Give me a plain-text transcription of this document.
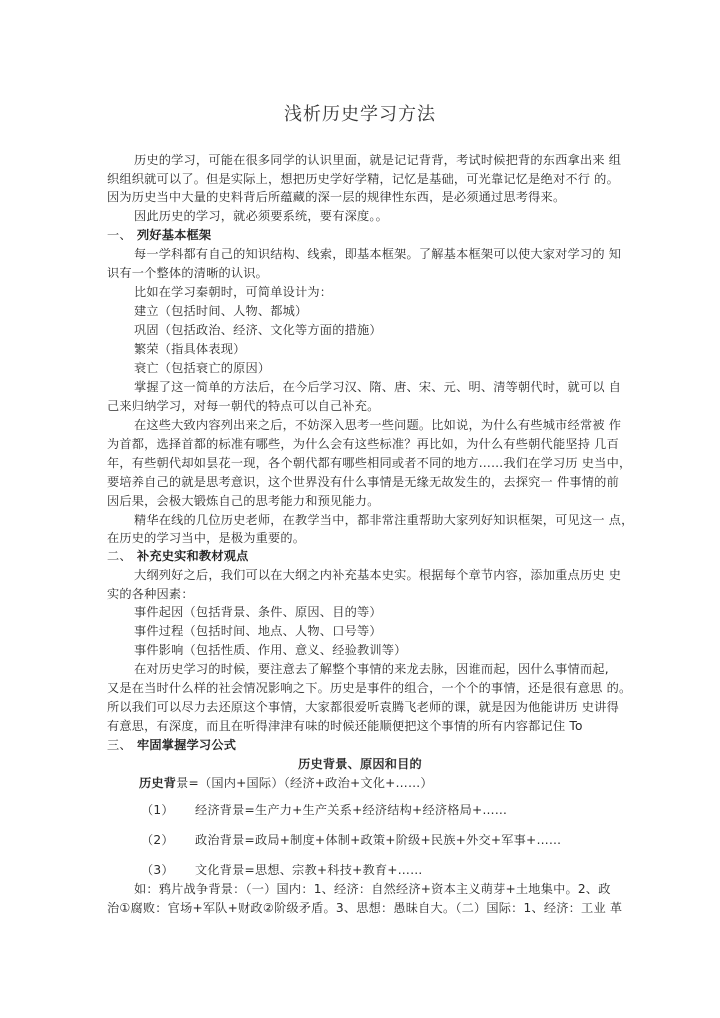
浅析历史学习方法
历史的学习，可能在很多同学的认识里面，就是记记背背，考试时候把背的东西拿出来 组
织组织就可以了。但是实际上，想把历史学好学精，记忆是基础，可光靠记忆是绝对不行 的。
因为历史当中大量的史料背后所蕴藏的深一层的规律性东西，是必须通过思考得来。
因此历史的学习，就必须要系统，要有深度。。
一、 列好基本框架
每一学科都有自己的知识结构、线索，即基本框架。了解基本框架可以使大家对学习的 知
识有一个整体的清晰的认识。
比如在学习秦朝时，可简单设计为：
建立（包括时间、人物、都城）
巩固（包括政治、经济、文化等方面的措施）
繁荣（指具体表现）
衰亡（包括衰亡的原因）
掌握了这一简单的方法后，在今后学习汉、隋、唐、宋、元、明、清等朝代时，就可以 自
己来归纳学习，对每一朝代的特点可以自己补充。
在这些大致内容列出来之后，不妨深入思考一些问题。比如说，为什么有些城市经常被 作
为首都，选择首都的标准有哪些，为什么会有这些标准？再比如，为什么有些朝代能坚持 几百
年，有些朝代却如昙花一现，各个朝代都有哪些相同或者不同的地方……我们在学习历 史当中，
要培养自己的就是思考意识，这个世界没有什么事情是无缘无故发生的，去探究一 件事情的前
因后果，会极大锻炼自己的思考能力和预见能力。
精华在线的几位历史老师，在教学当中，都非常注重帮助大家列好知识框架，可见这一 点，
在历史的学习当中，是极为重要的。
二、 补充史实和教材观点
大纲列好之后，我们可以在大纲之内补充基本史实。根据每个章节内容，添加重点历史 史
实的各种因素：
事件起因（包括背景、条件、原因、目的等）
事件过程（包括时间、地点、人物、口号等）
事件影响（包括性质、作用、意义、经验教训等）
在对历史学习的时候，要注意去了解整个事情的来龙去脉，因谁而起，因什么事情而起,
又是在当时什么样的社会情况影响之下。历史是事件的组合，一个个的事情，还是很有意思 的。
所以我们可以尽力去还原这个事情，大家都很爱听袁腾飞老师的课，就是因为他能讲历 史讲得
有意思，有深度，而且在听得津津有味的时候还能顺便把这个事情的所有内容都记住 To
三、 牢固掌握学习公式
历史背景、原因和目的
历史背景=（国内+国际）（经济+政治+文化+……）
（1） 经济背景=生产力+生产关系+经济结构+经济格局+……
（2） 政治背景=政局+制度+体制+政策+阶级+民族+外交+军事+……
（3） 文化背景=思想、宗教+科技+教育+……
如：鸦片战争背景：（一）国内：1、经济：自然经济+资本主义萌芽+土地集中。2、政
治①腐败：官场+军队+财政②阶级矛盾。3、思想：愚昧自大。（二）国际：1、经济：工业 革
